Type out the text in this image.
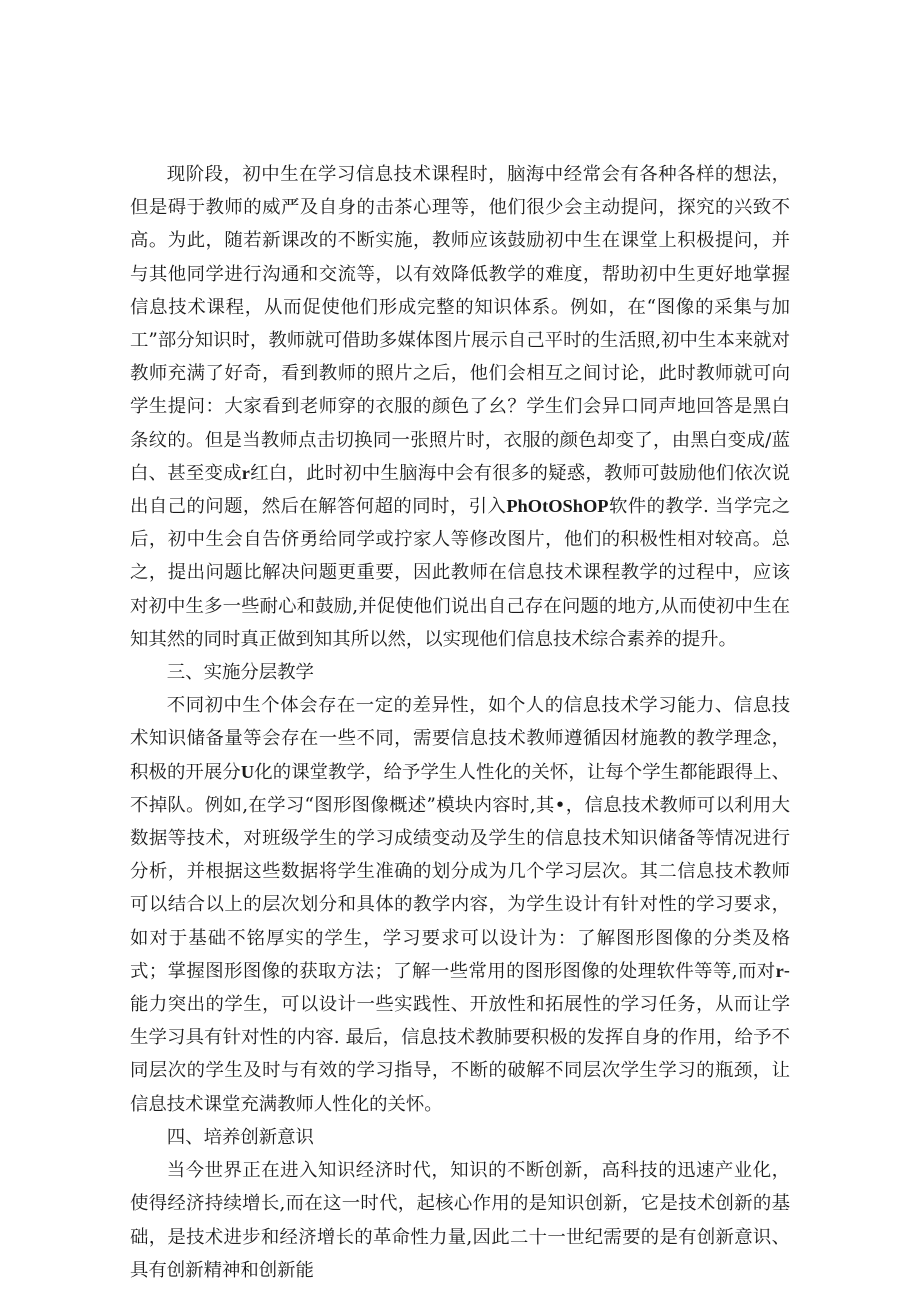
现阶段，初中生在学习信息技术课程时，脑海中经常会有各种各样的想法，但是碍于教师的威严及自身的击茶心理等，他们很少会主动提问，探究的兴致不高。为此，随若新课改的不断实施，教师应该鼓励初中生在课堂上积极提问，并与其他同学进行沟通和交流等，以有效降低教学的难度，帮助初中生更好地掌握信息技术课程，从而促使他们形成完整的知识体系。例如，在“图像的采集与加工”部分知识时，教师就可借助多媒体图片展示自己平时的生活照,初中生本来就对教师充满了好奇，看到教师的照片之后，他们会相互之间讨论，此时教师就可向学生提问：大家看到老师穿的衣服的颜色了幺？学生们会异口同声地回答是黑白条纹的。但是当教师点击切换同一张照片时，衣服的颜色却变了，由黑白变成/蓝白、甚至变成r红白，此时初中生脑海中会有很多的疑惑，教师可鼓励他们依次说出自己的问题，然后在解答何超的同时，引入PhOtOShOP软件的教学. 当学完之后，初中生会自告侪勇给同学或拧家人等修改图片，他们的积极性相对较高。总之，提出问题比解决问题更重要，因此教师在信息技术课程教学的过程中，应该对初中生多一些耐心和鼓励,并促使他们说出自己存在问题的地方,从而使初中生在知其然的同时真正做到知其所以然，以实现他们信息技术综合素养的提升。

三、实施分层教学

不同初中生个体会存在一定的差异性，如个人的信息技术学习能力、信息技术知识储备量等会存在一些不同，需要信息技术教师遵循因材施教的教学理念，积极的开展分U化的课堂教学，给予学生人性化的关怀，让每个学生都能跟得上、不掉队。例如,在学习“图形图像概述”模块内容时,其•，信息技术教师可以利用大数据等技术，对班级学生的学习成绩变动及学生的信息技术知识储备等情况进行分析，并根据这些数据将学生准确的划分成为几个学习层次。其二信息技术教师可以结合以上的层次划分和具体的教学内容，为学生设计有针对性的学习要求，如对于基础不铭厚实的学生，学习要求可以设计为：了解图形图像的分类及格式；掌握图形图像的获取方法；了解一些常用的图形图像的处理软件等等,而对r-能力突出的学生，可以设计一些实践性、开放性和拓展性的学习任务，从而让学生学习具有针对性的内容. 最后，信息技术教肺要积极的发挥自身的作用，给予不同层次的学生及时与有效的学习指导，不断的破解不同层次学生学习的瓶颈，让信息技术课堂充满教师人性化的关怀。

四、培养创新意识

当今世界正在进入知识经济时代，知识的不断创新，高科技的迅速产业化，使得经济持续增长,而在这一时代，起核心作用的是知识创新，它是技术创新的基础，是技术进步和经济增长的革命性力量,因此二十一世纪需要的是有创新意识、具有创新精神和创新能
